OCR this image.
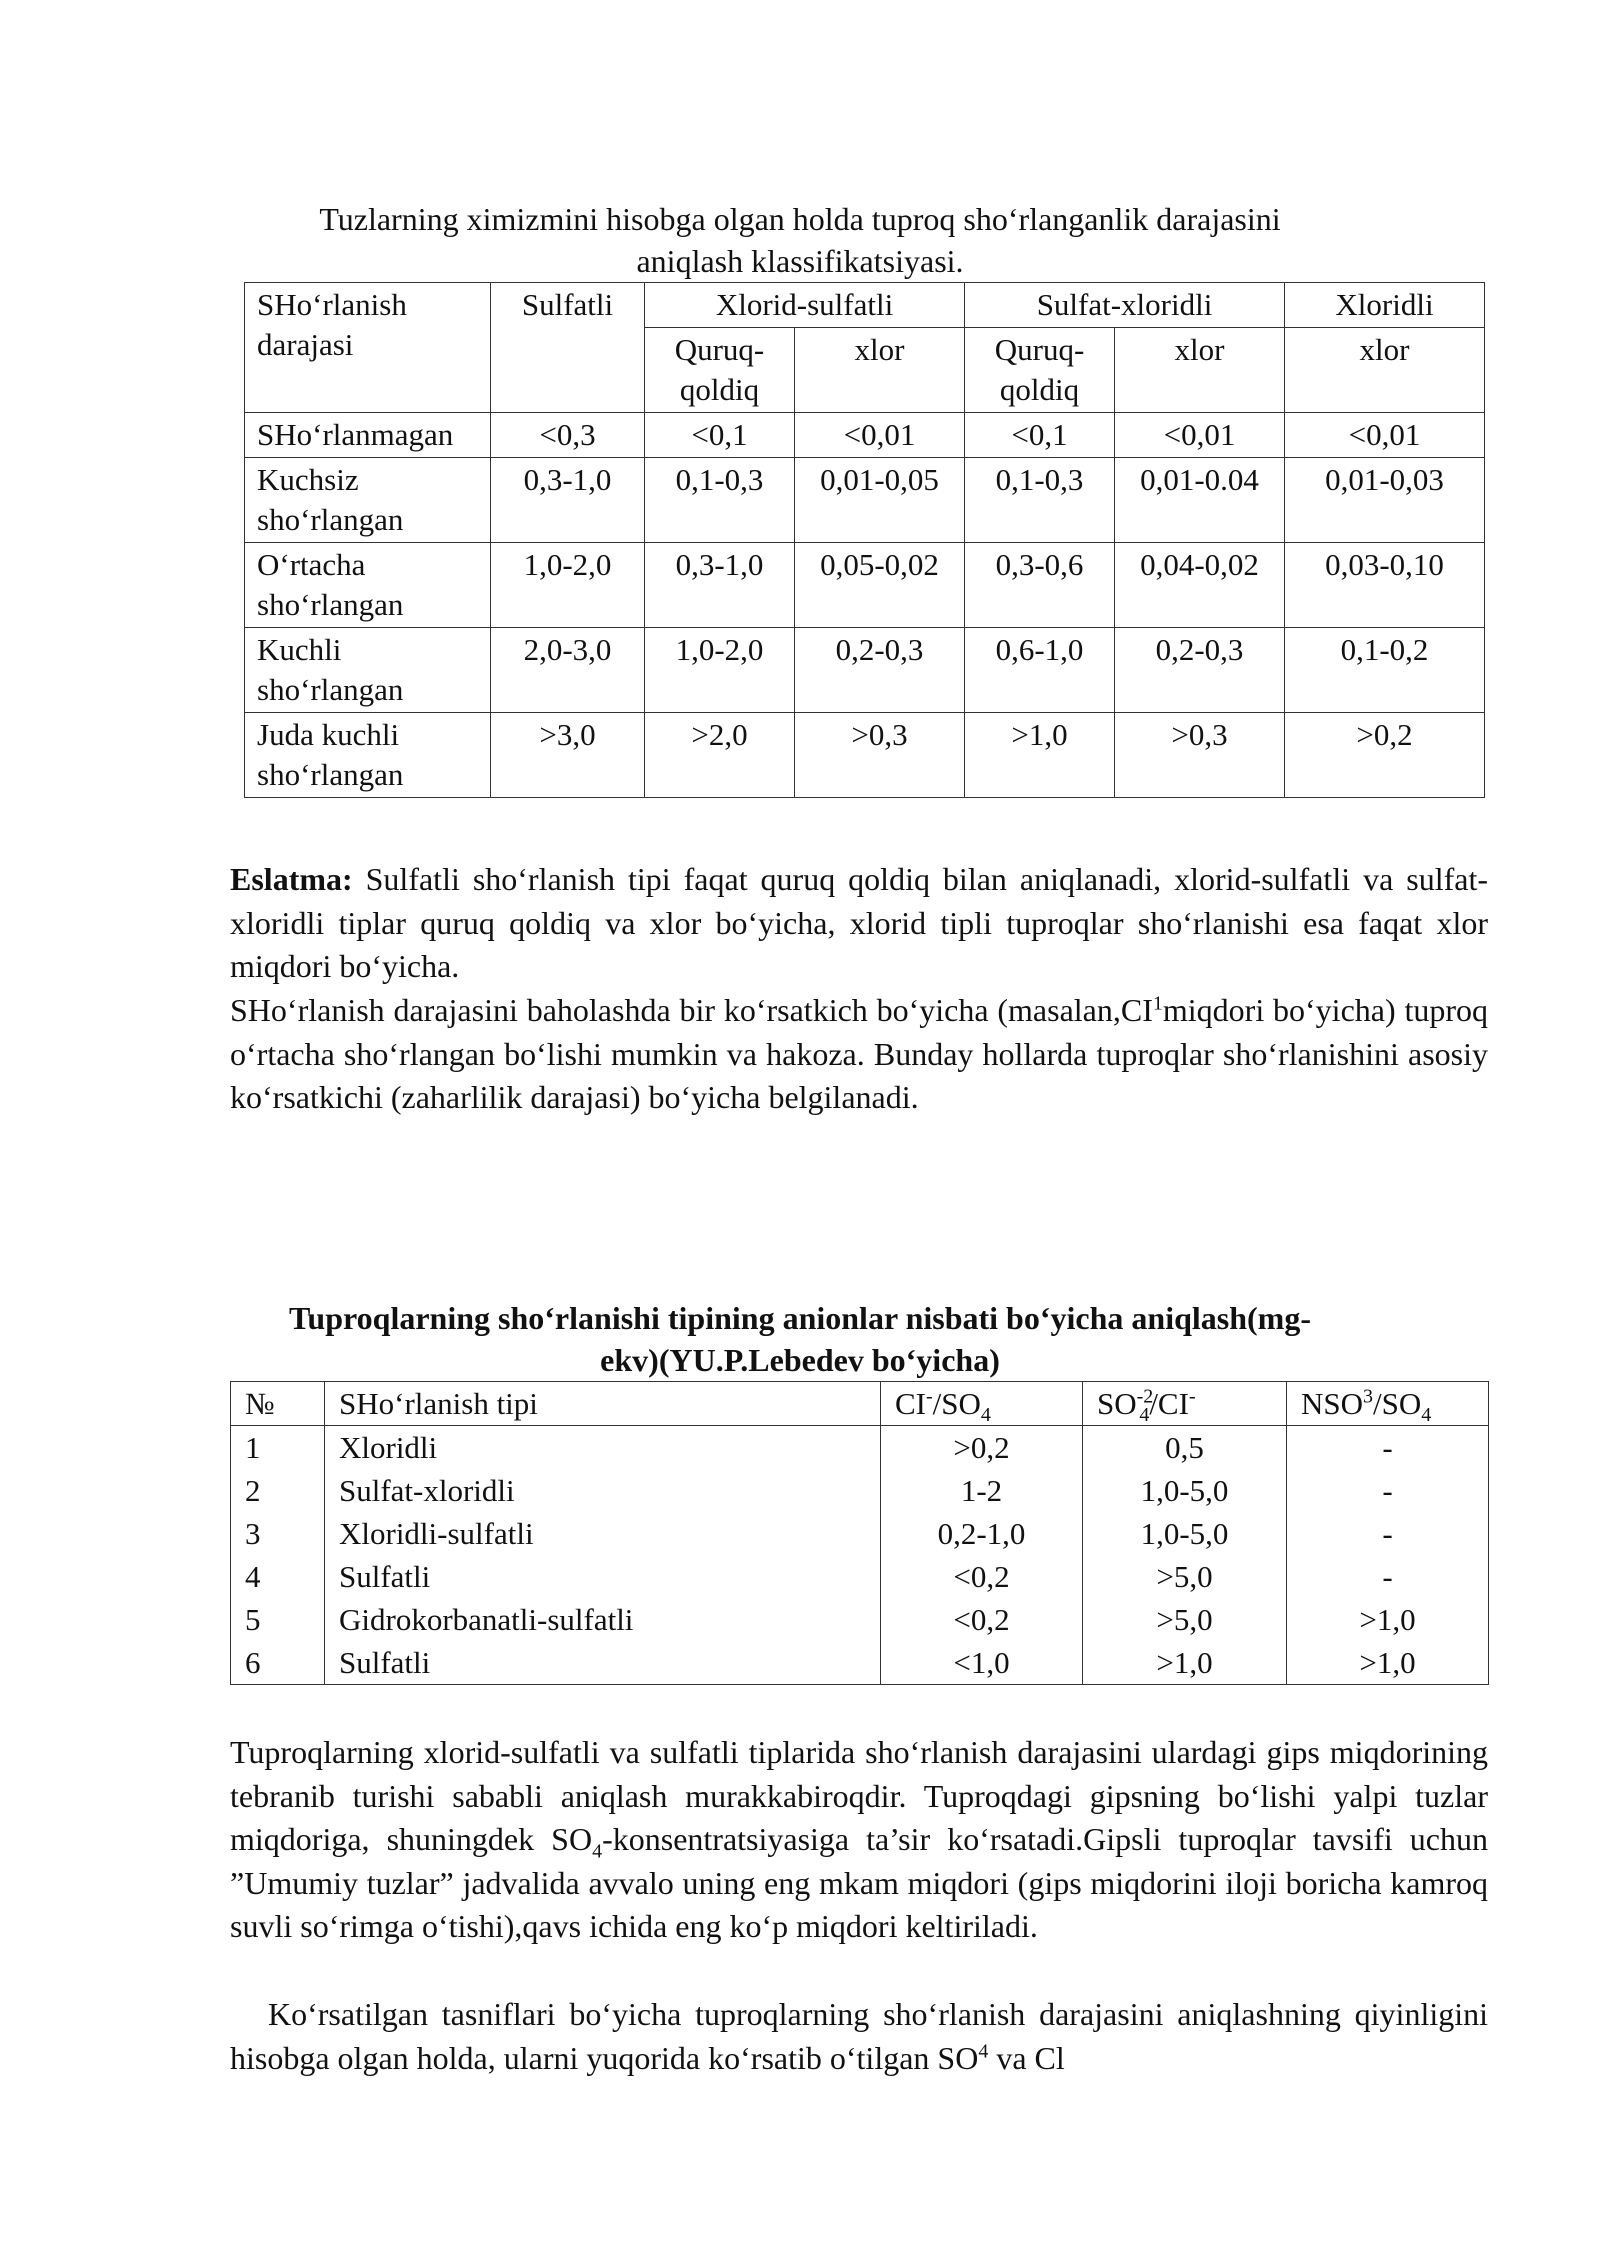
Tuzlarning ximizmini hisobga olgan holda tuproq sho‘rlanganlik darajasini
aniqlash klassifikatsiyasi.
SHo‘rlanish darajasi	Sulfatli	Xlorid-sulfatli		Sulfat-xloridli		Xloridli
		Quruq-qoldiq	xlor	Quruq-qoldiq	xlor	xlor
SHo‘rlanmagan	<0,3	<0,1	<0,01	<0,1	<0,01	<0,01
Kuchsiz sho‘rlangan	0,3-1,0	0,1-0,3	0,01-0,05	0,1-0,3	0,01-0.04	0,01-0,03
O‘rtacha sho‘rlangan	1,0-2,0	0,3-1,0	0,05-0,02	0,3-0,6	0,04-0,02	0,03-0,10
Kuchli sho‘rlangan	2,0-3,0	1,0-2,0	0,2-0,3	0,6-1,0	0,2-0,3	0,1-0,2
Juda kuchli sho‘rlangan	>3,0	>2,0	>0,3	>1,0	>0,3	>0,2

Eslatma: Sulfatli sho‘rlanish tipi faqat quruq qoldiq bilan aniqlanadi, xlorid-sulfatli va sulfat-xloridli tiplar quruq qoldiq va xlor bo‘yicha, xlorid tipli tuproqlar sho‘rlanishi esa faqat xlor miqdori bo‘yicha.

SHo‘rlanish darajasini baholashda bir ko‘rsatkich bo‘yicha ($masalan,CI^1miqdori$ bo‘yicha) tuproq o‘rtacha sho‘rlangan bo‘lishi mumkin va hakoza. Bunday hollarda tuproqlar sho‘rlanishini asosiy ko‘rsatkichi (zaharlilik darajasi) bo‘yicha belgilanadi.

Tuproqlarning sho‘rlanishi tipining anionlar nisbati bo‘yicha aniqlash(mg-
ekv)(YU.P.Lebedev bo‘yicha)
№	SHo‘rlanish tipi	$CI^-/SO_4$	$SO^{-2}_4/CI^-$	$NSO^3/SO_4$
1	Xloridli	>0,2	0,5	-
2	Sulfat-xloridli	1-2	1,0-5,0	-
3	Xloridli-sulfatli	0,2-1,0	1,0-5,0	-
4	Sulfatli	<0,2	>5,0	-
5	Gidrokorbanatli-sulfatli	<0,2	>5,0	>1,0
6	Sulfatli	<1,0	>1,0	>1,0

Tuproqlarning xlorid-sulfatli va sulfatli tiplarida sho‘rlanish darajasini ulardagi gips miqdorining tebranib turishi sababli aniqlash murakkabiroqdir. Tuproqdagi gipsning bo‘lishi yalpi tuzlar miqdoriga, shuningdek $SO_4$-konsentratsiyasiga ta’sir ko‘rsatadi.Gipsli tuproqlar tavsifi uchun ”Umumiy tuzlar” jadvalida avvalo uning eng mkam miqdori (gips miqdorini iloji boricha kamroq suvli so‘rimga o‘tishi),qavs ichida eng ko‘p miqdori keltiriladi.

Ko‘rsatilgan tasniflari bo‘yicha tuproqlarning sho‘rlanish darajasini aniqlashning qiyinligini hisobga olgan holda, ularni yuqorida ko‘rsatib o‘tilgan $SO^4$ va Cl
